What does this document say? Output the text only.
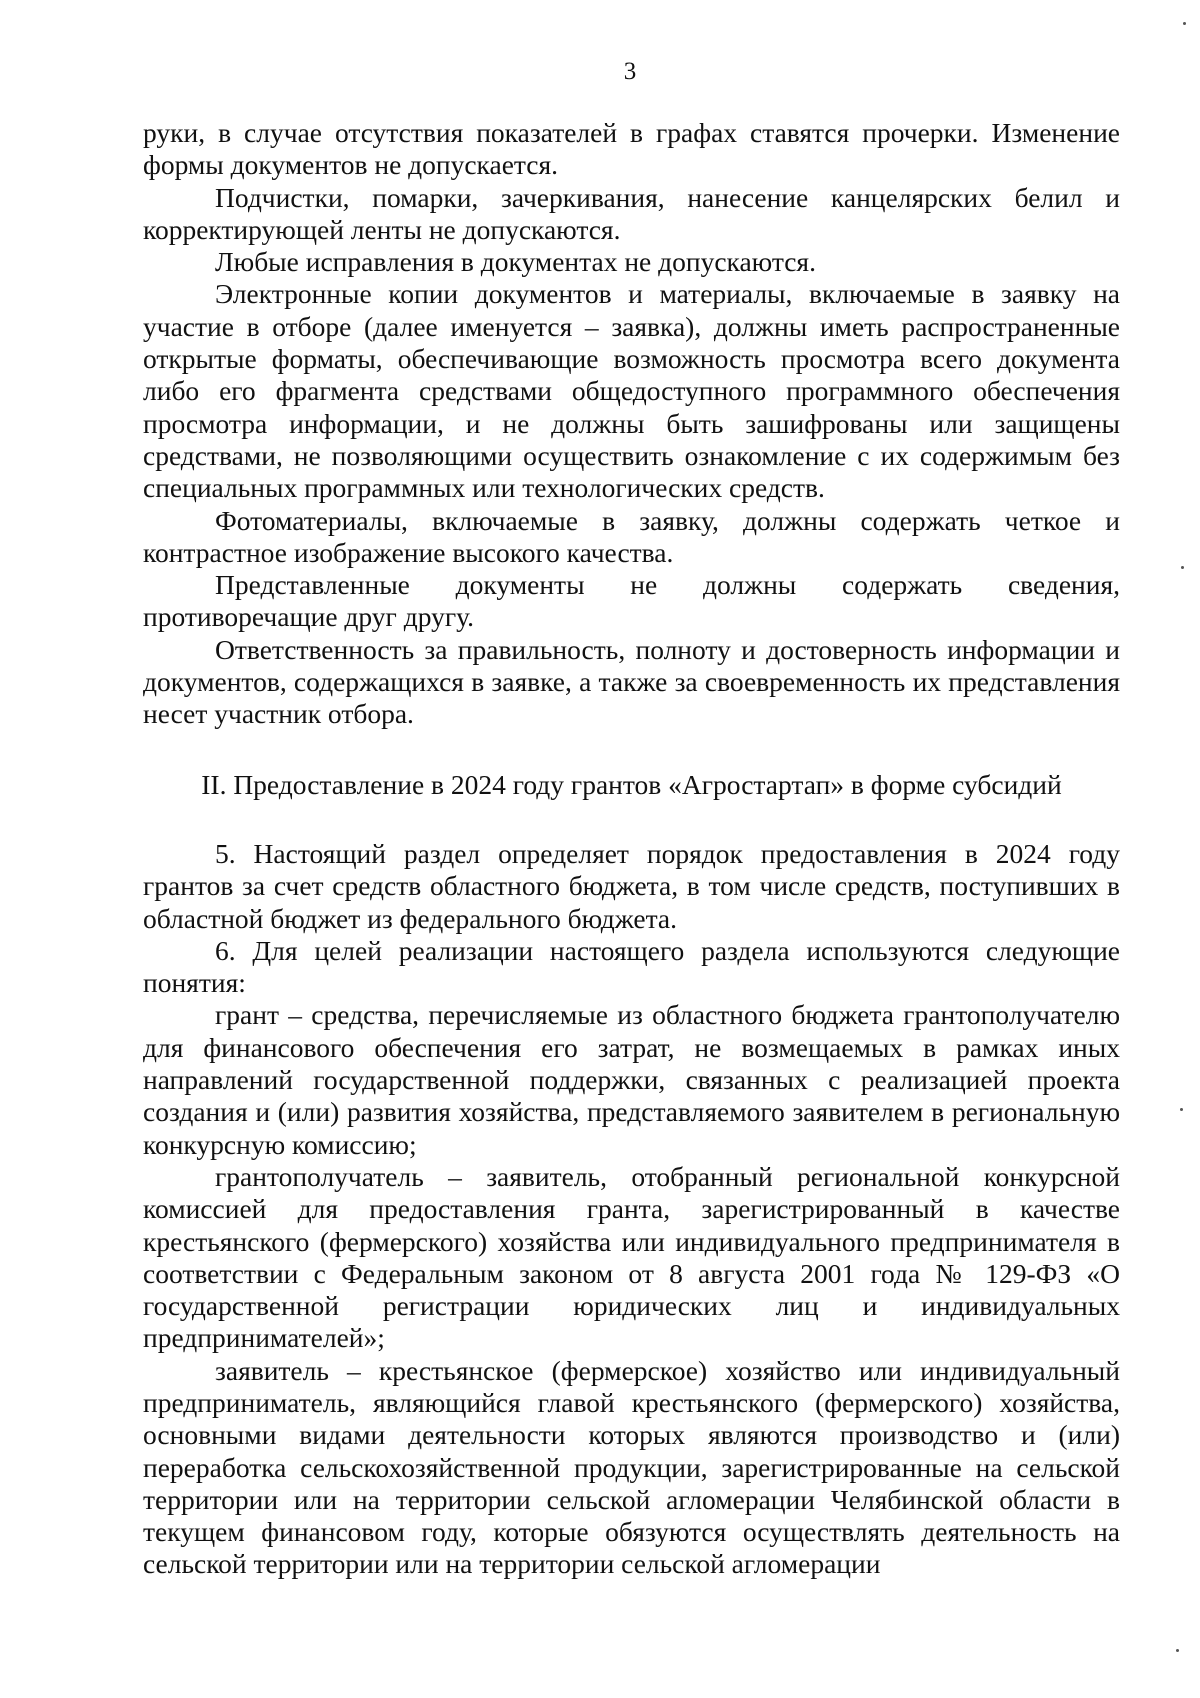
3

руки, в случае отсутствия показателей в графах ставятся прочерки. Изменение формы документов не допускается.

Подчистки, помарки, зачеркивания, нанесение канцелярских белил и корректирующей ленты не допускаются.

Любые исправления в документах не допускаются.

Электронные копии документов и материалы, включаемые в заявку на участие в отборе (далее именуется – заявка), должны иметь распространенные открытые форматы, обеспечивающие возможность просмотра всего документа либо его фрагмента средствами общедоступного программного обеспечения просмотра информации, и не должны быть зашифрованы или защищены средствами, не позволяющими осуществить ознакомление с их содержимым без специальных программных или технологических средств.

Фотоматериалы, включаемые в заявку, должны содержать четкое и контрастное изображение высокого качества.

Представленные документы не должны содержать сведения, противоречащие друг другу.

Ответственность за правильность, полноту и достоверность информации и документов, содержащихся в заявке, а также за своевременность их представления несет участник отбора.

II. Предоставление в 2024 году грантов «Агростартап» в форме субсидий

5. Настоящий раздел определяет порядок предоставления в 2024 году грантов за счет средств областного бюджета, в том числе средств, поступивших в областной бюджет из федерального бюджета.

6. Для целей реализации настоящего раздела используются следующие понятия:

грант – средства, перечисляемые из областного бюджета грантополучателю для финансового обеспечения его затрат, не возмещаемых в рамках иных направлений государственной поддержки, связанных с реализацией проекта создания и (или) развития хозяйства, представляемого заявителем в региональную конкурсную комиссию;

грантополучатель – заявитель, отобранный региональной конкурсной комиссией для предоставления гранта, зарегистрированный в качестве крестьянского (фермерского) хозяйства или индивидуального предпринимателя в соответствии с Федеральным законом от 8 августа 2001 года № 129-ФЗ «О государственной регистрации юридических лиц и индивидуальных предпринимателей»;

заявитель – крестьянское (фермерское) хозяйство или индивидуальный предприниматель, являющийся главой крестьянского (фермерского) хозяйства, основными видами деятельности которых являются производство и (или) переработка сельскохозяйственной продукции, зарегистрированные на сельской территории или на территории сельской агломерации Челябинской области в текущем финансовом году, которые обязуются осуществлять деятельность на сельской территории или на территории сельской агломерации
